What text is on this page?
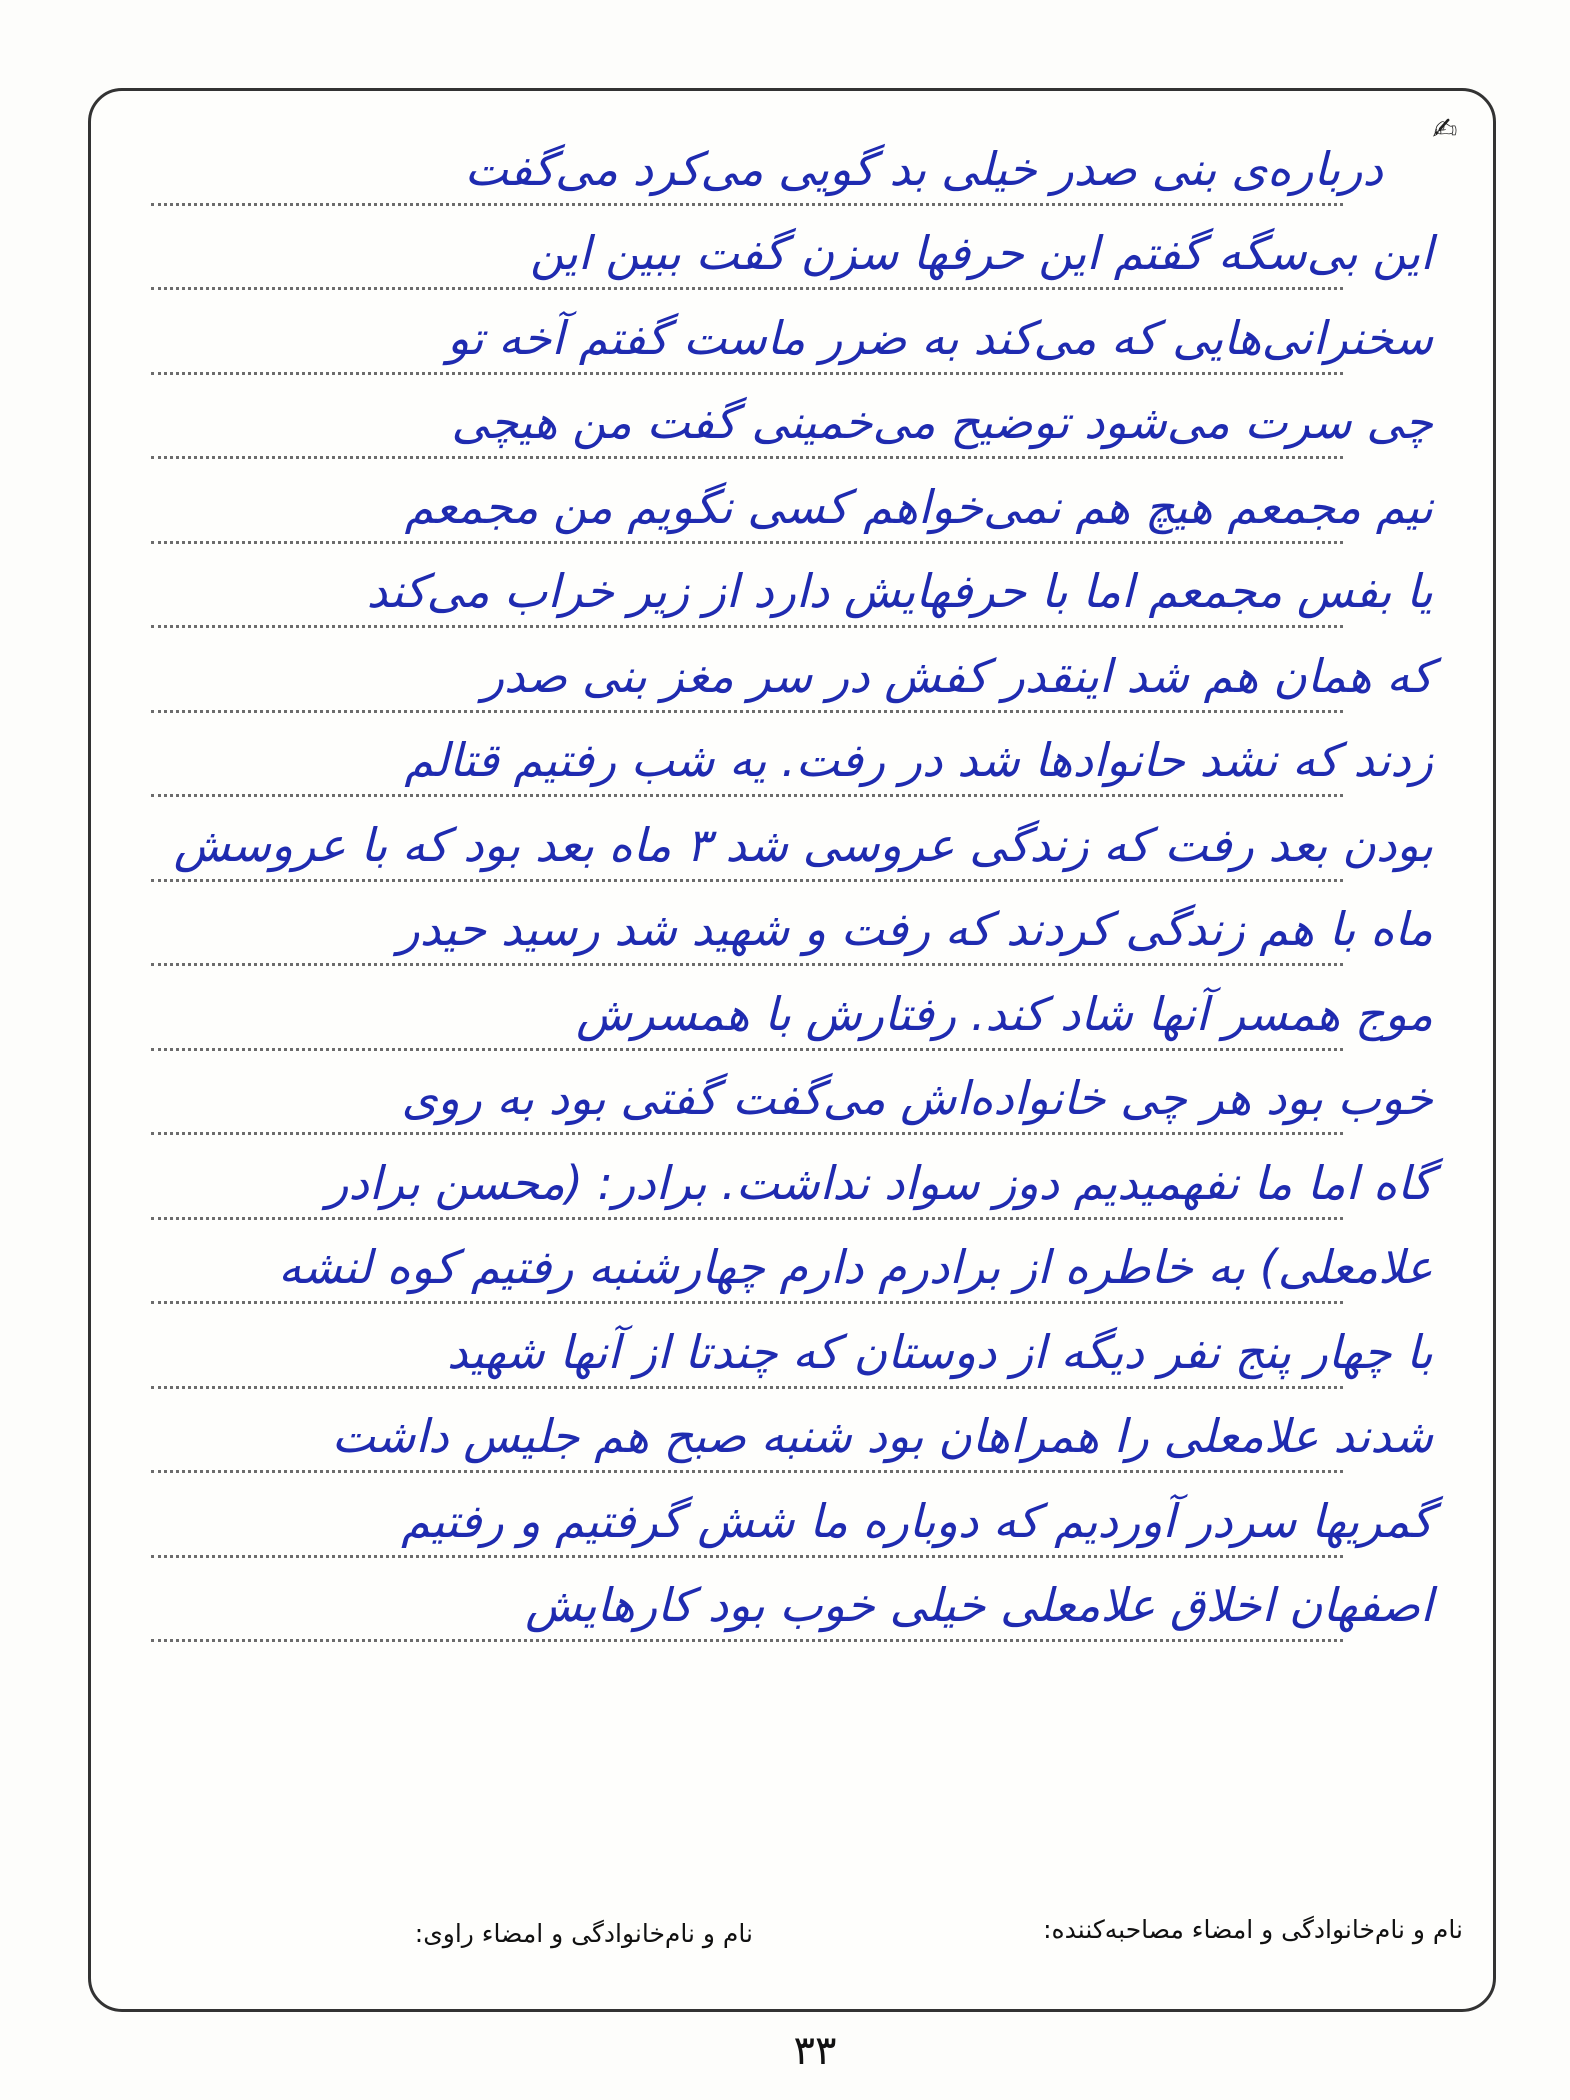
✍
درباره‌ی بنی صدر خیلی بد گویی می‌کرد می‌گفت
این بی‌سگه گفتم این حرفها سزن گفت ببین این
سخنرانی‌هایی که می‌کند به ضرر ماست گفتم آخه تو
چی سرت می‌شود توضیح می‌خمینی گفت من هیچی
نیم مجمعم هیچ هم نمی‌خواهم کسی نگویم من مجمعم
یا بفس مجمعم اما با حرفهایش دارد از زیر خراب می‌کند
که همان هم شد اینقدر کفش در سر مغز بنی صدر
زدند که نشد حانوادها شد در رفت. یه شب رفتیم قتالم
بودن بعد رفت که زندگی عروسی شد ۳ ماه بعد بود که با عروسش
ماه با هم زندگی کردند که رفت و شهید شد رسید حیدر
موج همسر آنها شاد کند. رفتارش با همسرش
خوب بود هر چی خانواده‌اش می‌گفت گفتی بود به روی
گاه اما ما نفهمیدیم دوز سواد نداشت. برادر: (محسن برادر
علامعلی) به خاطره از برادرم دارم چهارشنبه رفتیم کوه لنشه
با چهار پنج نفر دیگه از دوستان که چندتا از آنها شهید
شدند علامعلی را همراهان بود شنبه صبح هم جلیس داشت
گمریها سردر آوردیم که دوباره ما شش گرفتیم و رفتیم
اصفهان اخلاق علامعلی خیلی خوب بود کارهایش
نام و نام‌خانوادگی و امضاء مصاحبه‌کننده:
نام و نام‌خانوادگی و امضاء راوی:
۳۳
